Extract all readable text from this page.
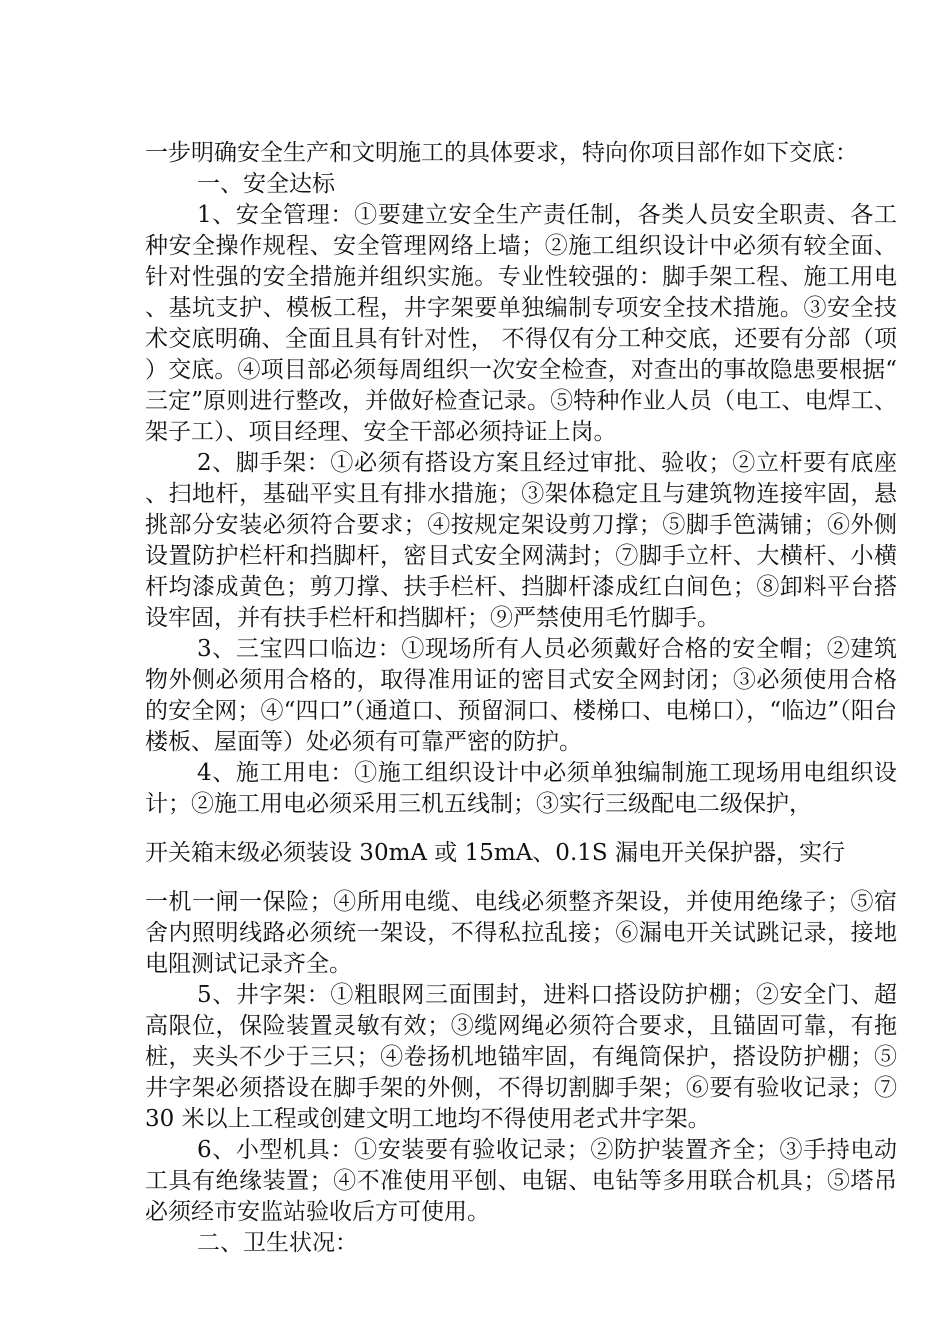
一步明确安全生产和文明施工的具体要求，特向你项目部作如下交底：

一、安全达标

1、安全管理：①要建立安全生产责任制，各类人员安全职责、各工种安全操作规程、安全管理网络上墙；②施工组织设计中必须有较全面、针对性强的安全措施并组织实施。专业性较强的：脚手架工程、施工用电、基坑支护、模板工程，井字架要单独编制专项安全技术措施。③安全技术交底明确、全面且具有针对性， 不得仅有分工种交底，还要有分部（项）交底。④项目部必须每周组织一次安全检查，对查出的事故隐患要根据“三定”原则进行整改，并做好检查记录。⑤特种作业人员（电工、电焊工、架子工）、项目经理、安全干部必须持证上岗。

2、脚手架：①必须有搭设方案且经过审批、验收；②立杆要有底座、扫地杆，基础平实且有排水措施；③架体稳定且与建筑物连接牢固，悬挑部分安装必须符合要求；④按规定架设剪刀撑；⑤脚手笆满铺；⑥外侧设置防护栏杆和挡脚杆，密目式安全网满封；⑦脚手立杆、大横杆、小横杆均漆成黄色；剪刀撑、扶手栏杆、挡脚杆漆成红白间色；⑧卸料平台搭设牢固，并有扶手栏杆和挡脚杆；⑨严禁使用毛竹脚手。

3、三宝四口临边：①现场所有人员必须戴好合格的安全帽；②建筑物外侧必须用合格的，取得准用证的密目式安全网封闭；③必须使用合格的安全网；④“四口”（通道口、预留洞口、楼梯口、电梯口），“临边”（阳台楼板、屋面等）处必须有可靠严密的防护。

4、施工用电：①施工组织设计中必须单独编制施工现场用电组织设计；②施工用电必须采用三机五线制；③实行三级配电二级保护，

开关箱末级必须装设 30mA 或 15mA、0.1S 漏电开关保护器，实行

一机一闸一保险；④所用电缆、电线必须整齐架设，并使用绝缘子；⑤宿舍内照明线路必须统一架设，不得私拉乱接；⑥漏电开关试跳记录，接地电阻测试记录齐全。

5、井字架：①粗眼网三面围封，进料口搭设防护棚；②安全门、超高限位，保险装置灵敏有效；③缆网绳必须符合要求，且锚固可靠，有拖桩，夹头不少于三只；④卷扬机地锚牢固，有绳筒保护，搭设防护棚；⑤井字架必须搭设在脚手架的外侧，不得切割脚手架；⑥要有验收记录；⑦ 30 米以上工程或创建文明工地均不得使用老式井字架。

6、小型机具：①安装要有验收记录；②防护装置齐全；③手持电动工具有绝缘装置；④不准使用平刨、电锯、电钻等多用联合机具；⑤塔吊必须经市安监站验收后方可使用。

二、卫生状况：
